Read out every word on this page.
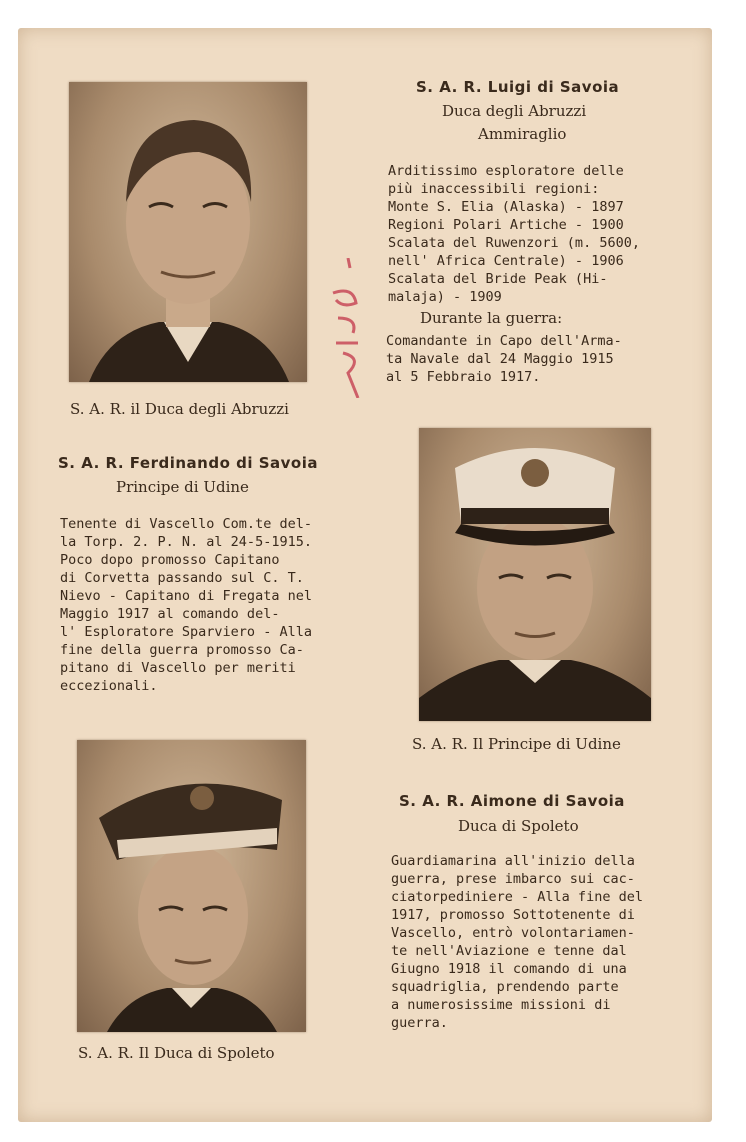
S. A. R. il Duca degli Abruzzi
S. A. R. Luigi di Savoia
Duca degli Abruzzi
Ammiraglio
Arditissimo esploratore delle
più inaccessibili regioni:
Monte S. Elia (Alaska) - 1897
Regioni Polari Artiche - 1900
Scalata del Ruwenzori (m. 5600,
nell' Africa Centrale) - 1906
Scalata del Bride Peak (Hi-
malaja) - 1909
Durante la guerra:
Comandante in Capo dell'Arma-
ta Navale dal 24 Maggio 1915
al 5 Febbraio 1917.
S. A. R. Ferdinando di Savoia
Principe di Udine
Tenente di Vascello Com.te del-
la Torp. 2. P. N. al 24-5-1915.
Poco dopo promosso Capitano
di Corvetta passando sul C. T.
Nievo - Capitano di Fregata nel
Maggio 1917 al comando del-
l' Esploratore Sparviero - Alla
fine della guerra promosso Ca-
pitano di Vascello per meriti
eccezionali.
S. A. R. Il Principe di Udine
S. A. R. Aimone di Savoia
Duca di Spoleto
Guardiamarina all'inizio della
guerra, prese imbarco sui cac-
ciatorpediniere - Alla fine del
1917, promosso Sottotenente di
Vascello, entrò volontariamen-
te nell'Aviazione e tenne dal
Giugno 1918 il comando di una
squadriglia, prendendo parte
a numerosissime missioni di
guerra.
S. A. R. Il Duca di Spoleto
